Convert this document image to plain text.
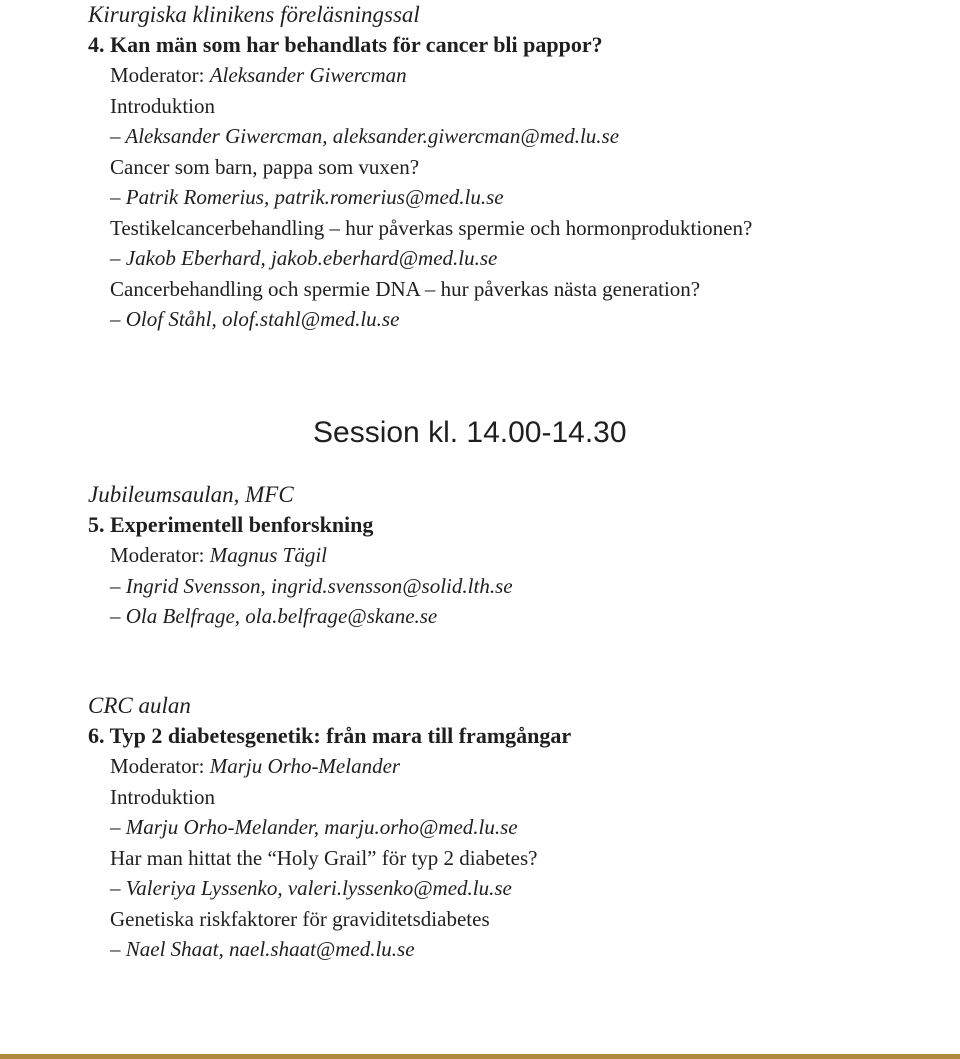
Kirurgiska klinikens föreläsningssal
4. Kan män som har behandlats för cancer bli pappor?
Moderator: Aleksander Giwercman
Introduktion
– Aleksander Giwercman, aleksander.giwercman@med.lu.se
Cancer som barn, pappa som vuxen?
– Patrik Romerius, patrik.romerius@med.lu.se
Testikelcancerbehandling – hur påverkas spermie och hormonproduktionen?
– Jakob Eberhard, jakob.eberhard@med.lu.se
Cancerbehandling och spermie DNA – hur påverkas nästa generation?
– Olof Ståhl, olof.stahl@med.lu.se
Session kl. 14.00-14.30
Jubileumsaulan, MFC
5. Experimentell benforskning
Moderator: Magnus Tägil
– Ingrid Svensson, ingrid.svensson@solid.lth.se
– Ola Belfrage, ola.belfrage@skane.se
CRC aulan
6. Typ 2 diabetesgenetik: från mara till framgångar
Moderator: Marju Orho-Melander
Introduktion
– Marju Orho-Melander, marju.orho@med.lu.se
Har man hittat the “Holy Grail” för typ 2 diabetes?
– Valeriya Lyssenko, valeri.lyssenko@med.lu.se
Genetiska riskfaktorer för graviditetsdiabetes
– Nael Shaat, nael.shaat@med.lu.se
